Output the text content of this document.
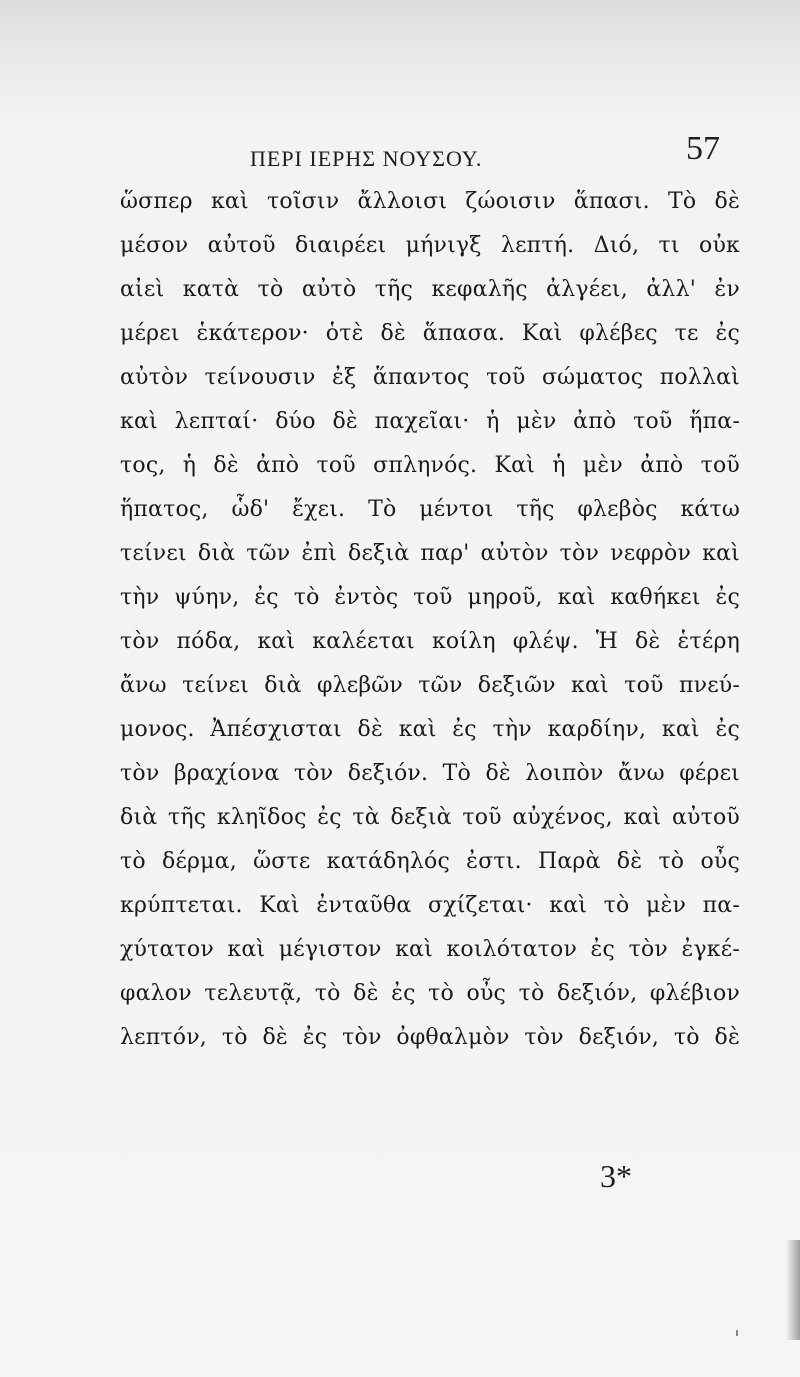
ΠΕΡΙ ΙΕΡΗΣ ΝΟΥΣΟΥ.	57
ὥσπερ καὶ τοῖσιν ἄλλοισι ζώοισιν ἅπασι. Τὸ δὲ
μέσον αὐτοῦ διαιρέει μήνιγξ λεπτή. Διό, τι οὐκ
αἰεὶ κατὰ τὸ αὐτὸ τῆς κεφαλῆς ἀλγέει, ἀλλ' ἐν
μέρει ἑκάτερον· ὁτὲ δὲ ἅπασα. Καὶ φλέβες τε ἐς
αὐτὸν τείνουσιν ἐξ ἅπαντος τοῦ σώματος πολλαὶ
καὶ λεπταί· δύο δὲ παχεῖαι· ἡ μὲν ἀπὸ τοῦ ἥπα-
τος, ἡ δὲ ἀπὸ τοῦ σπληνός. Καὶ ἡ μὲν ἀπὸ τοῦ
ἥπατος, ὧδ' ἔχει. Τὸ μέντοι τῆς φλεβὸς κάτω
τείνει διὰ τῶν ἐπὶ δεξιὰ παρ' αὐτὸν τὸν νεφρὸν καὶ
τὴν ψύην, ἐς τὸ ἐντὸς τοῦ μηροῦ, καὶ καθήκει ἐς
τὸν πόδα, καὶ καλέεται κοίλη φλέψ. Ἡ δὲ ἑτέρη
ἄνω τείνει διὰ φλεβῶν τῶν δεξιῶν καὶ τοῦ πνεύ-
μονος. Ἀπέσχισται δὲ καὶ ἐς τὴν καρδίην, καὶ ἐς
τὸν βραχίονα τὸν δεξιόν. Τὸ δὲ λοιπὸν ἄνω φέρει
διὰ τῆς κληῖδος ἐς τὰ δεξιὰ τοῦ αὐχένος, καὶ αὐτοῦ
τὸ δέρμα, ὥστε κατάδηλός ἐστι. Παρὰ δὲ τὸ οὖς
κρύπτεται. Καὶ ἐνταῦθα σχίζεται· καὶ τὸ μὲν πα-
χύτατον καὶ μέγιστον καὶ κοιλότατον ἐς τὸν ἐγκέ-
φαλον τελευτᾷ, τὸ δὲ ἐς τὸ οὖς τὸ δεξιόν, φλέβιον
λεπτόν, τὸ δὲ ἐς τὸν ὀφθαλμὸν τὸν δεξιόν, τὸ δὲ
3*
